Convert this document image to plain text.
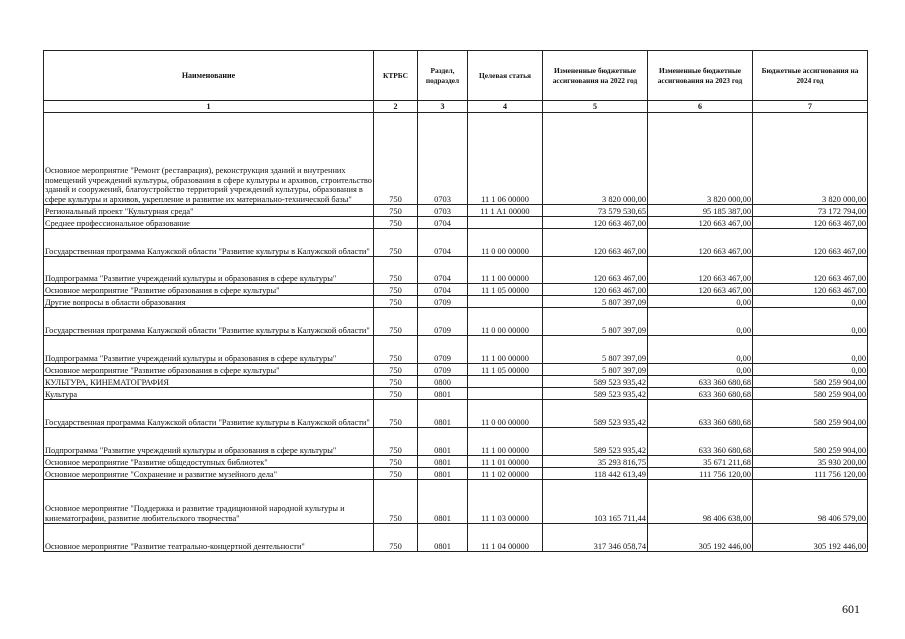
Наименование	КТРБС	Раздел, подраздел	Целевая статья	Измененные бюджетные ассигнования на 2022 год	Измененные бюджетные ассигнования на 2023 год	Бюджетные ассигнования на 2024 год
1	2	3	4	5	6	7
Основное мероприятие "Ремонт (реставрация), реконструкция зданий и внутренних помещений учреждений культуры, образования в сфере культуры и архивов, строительство зданий и сооружений, благоустройство территорий учреждений культуры, образования в сфере культуры и архивов, укрепление и развитие их материально-технической базы"	750	0703	11 1 06 00000	3 820 000,00	3 820 000,00	3 820 000,00
Региональный проект "Культурная среда"	750	0703	11 1 A1 00000	73 579 530,65	95 185 387,00	73 172 794,00
Среднее профессиональное образование	750	0704		120 663 467,00	120 663 467,00	120 663 467,00
Государственная программа Калужской области "Развитие культуры в Калужской области"	750	0704	11 0 00 00000	120 663 467,00	120 663 467,00	120 663 467,00
Подпрограмма "Развитие учреждений культуры и образования в сфере культуры"	750	0704	11 1 00 00000	120 663 467,00	120 663 467,00	120 663 467,00
Основное мероприятие "Развитие образования в сфере культуры"	750	0704	11 1 05 00000	120 663 467,00	120 663 467,00	120 663 467,00
Другие вопросы в области образования	750	0709		5 807 397,09	0,00	0,00
Государственная программа Калужской области "Развитие культуры в Калужской области"	750	0709	11 0 00 00000	5 807 397,09	0,00	0,00
Подпрограмма "Развитие учреждений культуры и образования в сфере культуры"	750	0709	11 1 00 00000	5 807 397,09	0,00	0,00
Основное мероприятие "Развитие образования в сфере культуры"	750	0709	11 1 05 00000	5 807 397,09	0,00	0,00
КУЛЬТУРА, КИНЕМАТОГРАФИЯ	750	0800		589 523 935,42	633 360 680,68	580 259 904,00
Культура	750	0801		589 523 935,42	633 360 680,68	580 259 904,00
Государственная программа Калужской области "Развитие культуры в Калужской области"	750	0801	11 0 00 00000	589 523 935,42	633 360 680,68	580 259 904,00
Подпрограмма "Развитие учреждений культуры и образования в сфере культуры"	750	0801	11 1 00 00000	589 523 935,42	633 360 680,68	580 259 904,00
Основное мероприятие "Развитие общедоступных библиотек"	750	0801	11 1 01 00000	35 293 816,75	35 671 211,68	35 930 200,00
Основное мероприятие "Сохранение и развитие музейного дела"	750	0801	11 1 02 00000	118 442 613,49	111 756 120,00	111 756 120,00
Основное мероприятие "Поддержка и развитие традиционной народной культуры и кинематографии, развитие любительского творчества"	750	0801	11 1 03 00000	103 165 711,44	98 406 638,00	98 406 579,00
Основное мероприятие "Развитие театрально-концертной деятельности"	750	0801	11 1 04 00000	317 346 058,74	305 192 446,00	305 192 446,00
601
